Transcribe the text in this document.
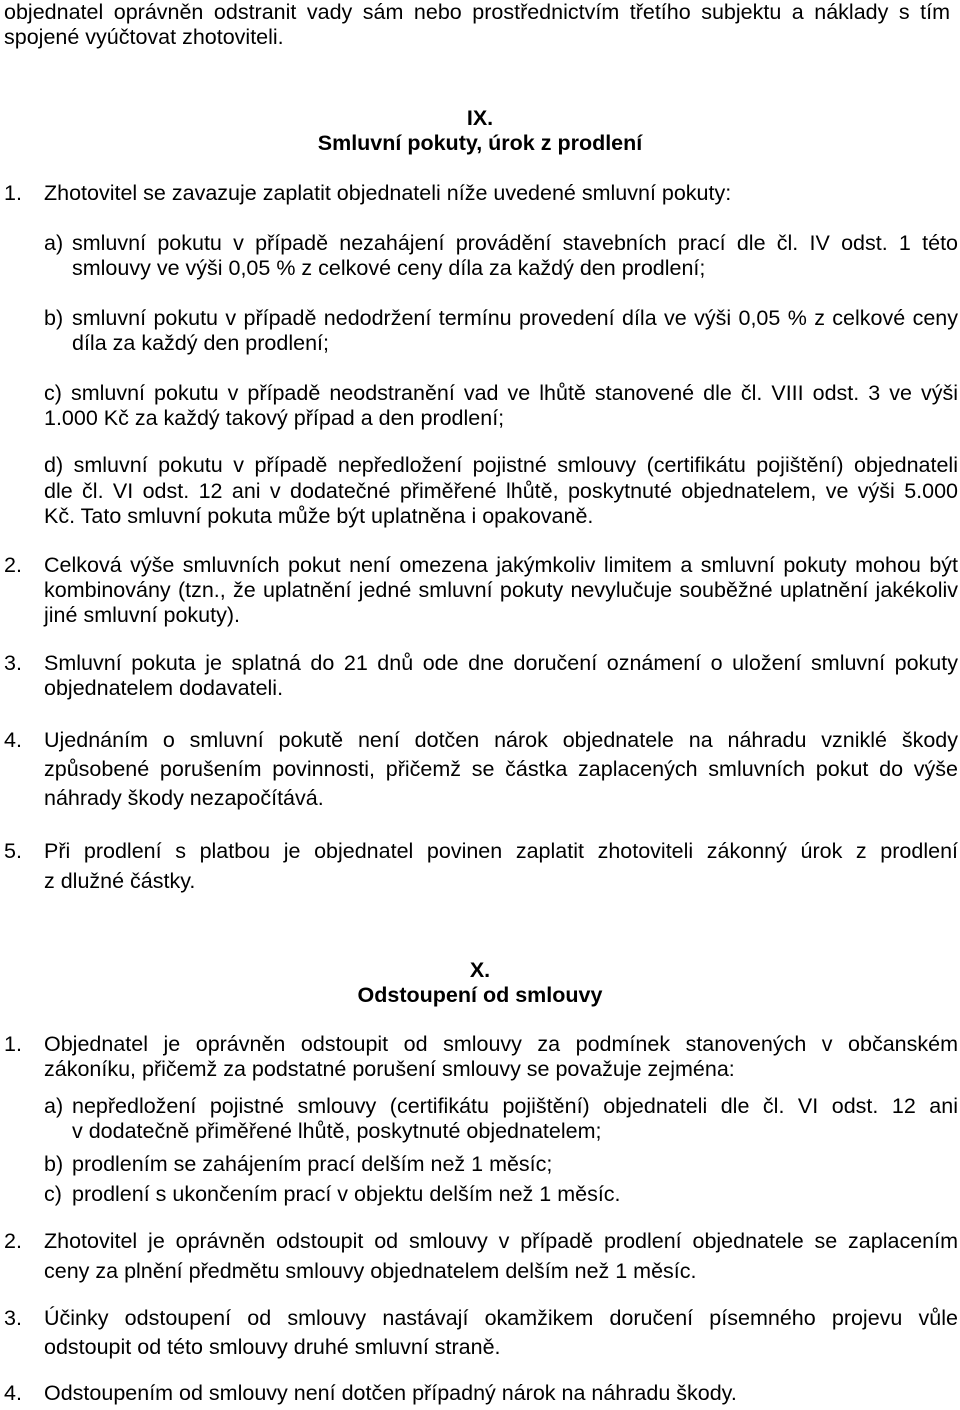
objednatel oprávněn odstranit vady sám nebo prostřednictvím třetího subjektu a náklady s tím
spojené vyúčtovat zhotoviteli.
IX.
Smluvní pokuty, úrok z prodlení
1. Zhotovitel se zavazuje zaplatit objednateli níže uvedené smluvní pokuty:
a) smluvní pokutu v případě nezahájení provádění stavebních prací dle čl. IV odst. 1 této
smlouvy ve výši 0,05 % z celkové ceny díla za každý den prodlení;
b) smluvní pokutu v případě nedodržení termínu provedení díla ve výši 0,05 % z celkové ceny
díla za každý den prodlení;
c) smluvní pokutu v případě neodstranění vad ve lhůtě stanovené dle čl. VIII odst. 3 ve výši
1.000 Kč za každý takový případ a den prodlení;
d) smluvní pokutu v případě nepředložení pojistné smlouvy (certifikátu pojištění) objednateli
dle čl. VI odst. 12 ani v dodatečné přiměřené lhůtě, poskytnuté objednatelem, ve výši 5.000
Kč. Tato smluvní pokuta může být uplatněna i opakovaně.
2. Celková výše smluvních pokut není omezena jakýmkoliv limitem a smluvní pokuty mohou být
kombinovány (tzn., že uplatnění jedné smluvní pokuty nevylučuje souběžné uplatnění jakékoliv
jiné smluvní pokuty).
3. Smluvní pokuta je splatná do 21 dnů ode dne doručení oznámení o uložení smluvní pokuty
objednatelem dodavateli.
4. Ujednáním o smluvní pokutě není dotčen nárok objednatele na náhradu vzniklé škody
způsobené porušením povinnosti, přičemž se částka zaplacených smluvních pokut do výše
náhrady škody nezapočítává.
5. Při prodlení s platbou je objednatel povinen zaplatit zhotoviteli zákonný úrok z prodlení
z dlužné částky.
X.
Odstoupení od smlouvy
1. Objednatel je oprávněn odstoupit od smlouvy za podmínek stanovených v občanském
zákoníku, přičemž za podstatné porušení smlouvy se považuje zejména:
a) nepředložení pojistné smlouvy (certifikátu pojištění) objednateli dle čl. VI odst. 12 ani
v dodatečně přiměřené lhůtě, poskytnuté objednatelem;
b) prodlením se zahájením prací delším než 1 měsíc;
c) prodlení s ukončením prací v objektu delším než 1 měsíc.
2. Zhotovitel je oprávněn odstoupit od smlouvy v případě prodlení objednatele se zaplacením
ceny za plnění předmětu smlouvy objednatelem delším než 1 měsíc.
3. Účinky odstoupení od smlouvy nastávají okamžikem doručení písemného projevu vůle
odstoupit od této smlouvy druhé smluvní straně.
4. Odstoupením od smlouvy není dotčen případný nárok na náhradu škody.
